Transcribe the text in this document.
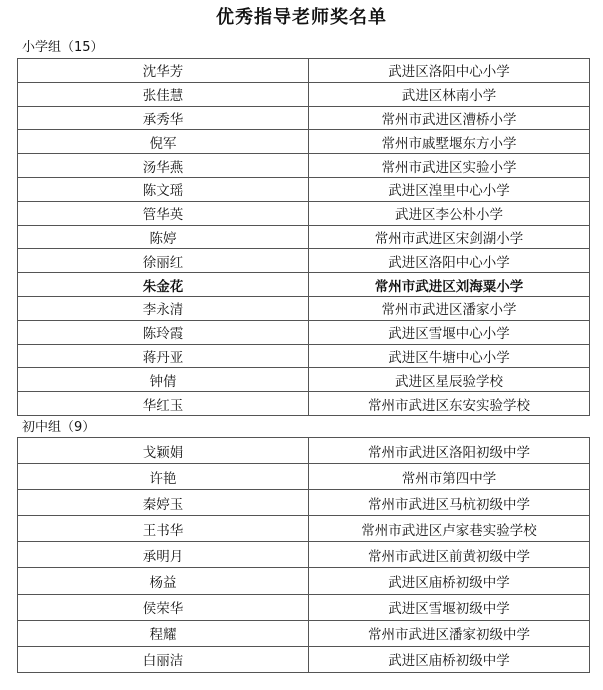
优秀指导老师奖名单
小学组（15）
沈华芳	武进区洛阳中心小学
张佳慧	武进区林南小学
承秀华	常州市武进区漕桥小学
倪军	常州市戚墅堰东方小学
汤华燕	常州市武进区实验小学
陈文瑶	武进区湟里中心小学
管华英	武进区李公朴小学
陈婷	常州市武进区宋剑湖小学
徐丽红	武进区洛阳中心小学
朱金花	常州市武进区刘海粟小学
李永清	常州市武进区潘家小学
陈玲霞	武进区雪堰中心小学
蒋丹亚	武进区牛塘中心小学
钟倩	武进区星辰验学校
华红玉	常州市武进区东安实验学校
初中组（9）
戈颖娟	常州市武进区洛阳初级中学
许艳	常州市第四中学
秦婷玉	常州市武进区马杭初级中学
王书华	常州市武进区卢家巷实验学校
承明月	常州市武进区前黄初级中学
杨益	武进区庙桥初级中学
侯荣华	武进区雪堰初级中学
程耀	常州市武进区潘家初级中学
白丽洁	武进区庙桥初级中学
